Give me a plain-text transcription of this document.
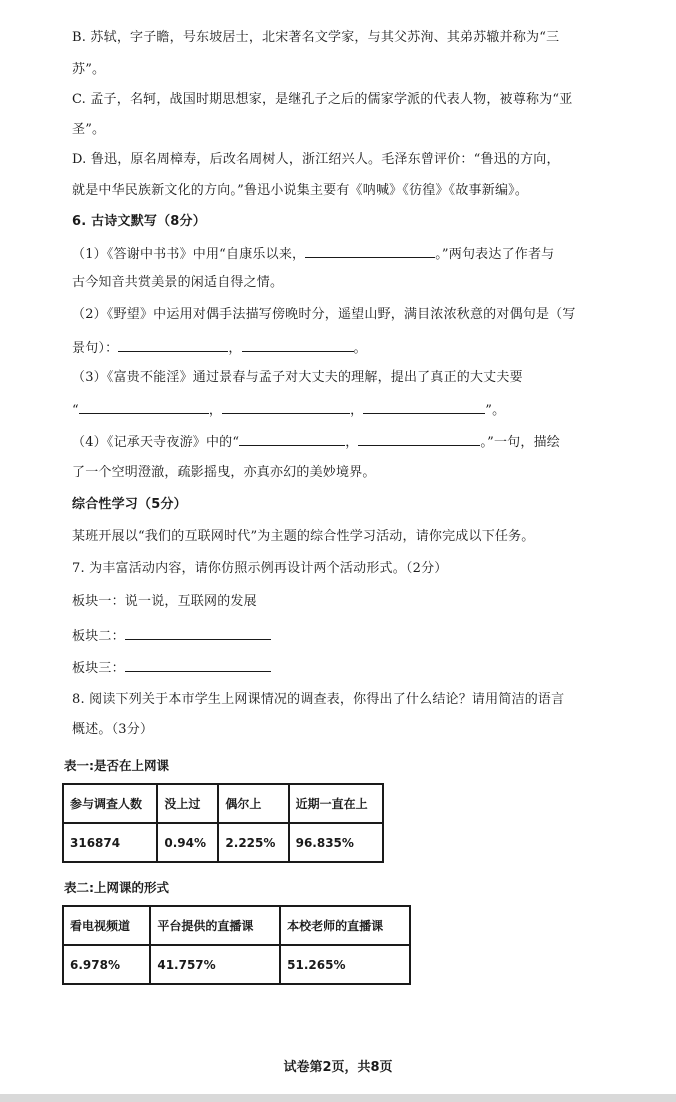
B. 苏轼，字子瞻，号东坡居士，北宋著名文学家，与其父苏洵、其弟苏辙并称为“三
苏”。
C. 孟子，名轲，战国时期思想家，是继孔子之后的儒家学派的代表人物，被尊称为“亚
圣”。
D. 鲁迅，原名周樟寿，后改名周树人，浙江绍兴人。毛泽东曾评价：“鲁迅的方向，
就是中华民族新文化的方向。”鲁迅小说集主要有《呐喊》《彷徨》《故事新编》。
6. 古诗文默写（8分）
（1）《答谢中书书》中用“自康乐以来，	。”两句表达了作者与
古今知音共赏美景的闲适自得之情。
（2）《野望》中运用对偶手法描写傍晚时分，遥望山野，满目浓浓秋意的对偶句是（写
景句）：	，	。
（3）《富贵不能淫》通过景春与孟子对大丈夫的理解，提出了真正的大丈夫要
“	，	，	”。
（4）《记承天寺夜游》中的“	，	。”一句，描绘
了一个空明澄澈，疏影摇曳，亦真亦幻的美妙境界。
综合性学习（5分）
某班开展以“我们的互联网时代”为主题的综合性学习活动，请你完成以下任务。
7. 为丰富活动内容，请你仿照示例再设计两个活动形式。（2分）
板块一：说一说，互联网的发展
板块二：
板块三：
8. 阅读下列关于本市学生上网课情况的调查表，你得出了什么结论？请用简洁的语言
概述。（3分）
表一:是否在上网课
参与调查人数	没上过	偶尔上	近期一直在上
316874	0.94%	2.225%	96.835%
表二:上网课的形式
看电视频道	平台提供的直播课	本校老师的直播课
6.978%	41.757%	51.265%
试卷第2页，共8页
